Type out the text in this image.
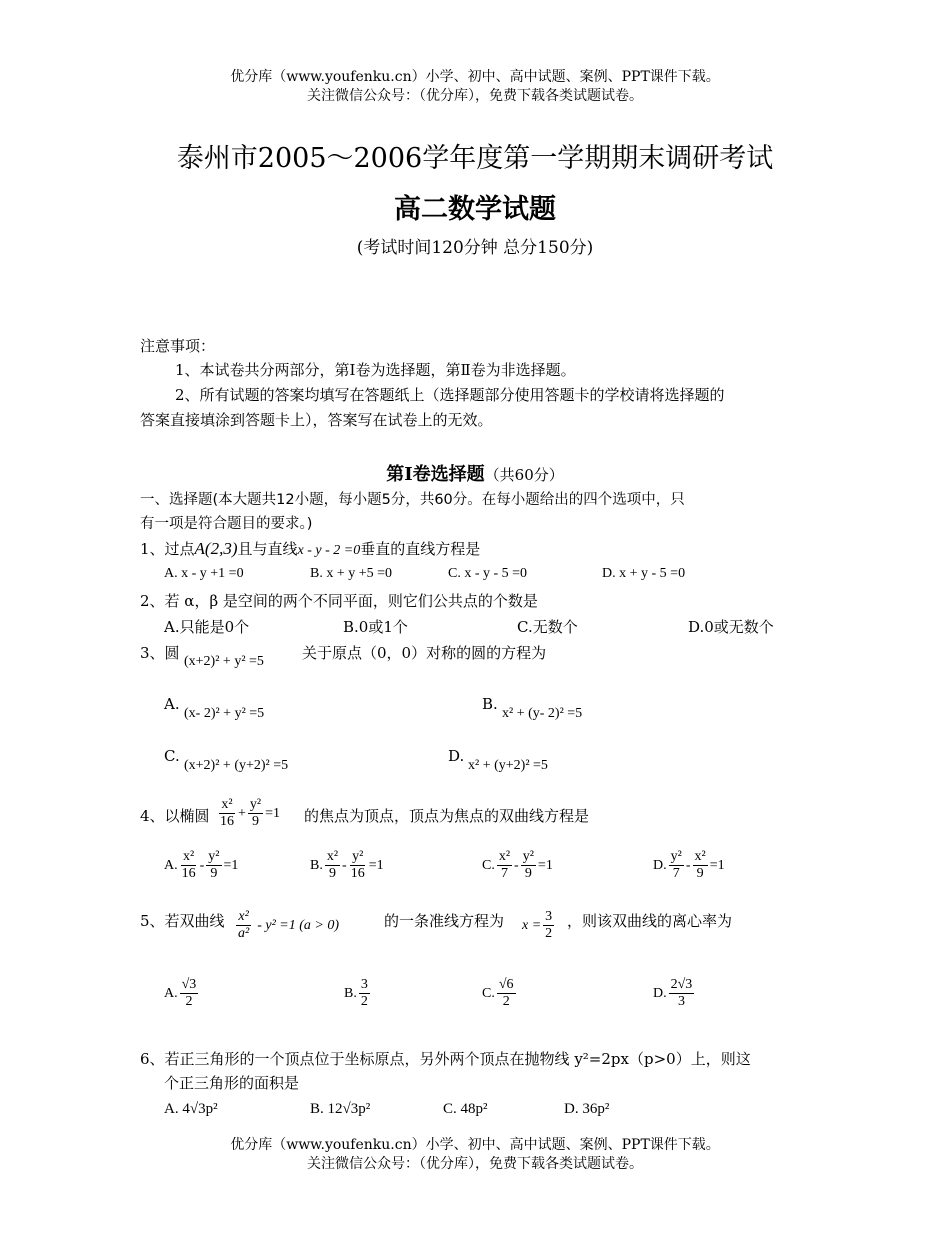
优分库（www.youfenku.cn）小学、初中、高中试题、案例、PPT课件下载。
关注微信公众号：（优分库），免费下载各类试题试卷。
泰州市2005～2006学年度第一学期期末调研考试
高二数学试题
(考试时间120分钟 总分150分)
注意事项：
1、本试卷共分两部分，第Ⅰ卷为选择题，第Ⅱ卷为非选择题。
2、所有试题的答案均填写在答题纸上（选择题部分使用答题卡的学校请将选择题的
答案直接填涂到答题卡上），答案写在试卷上的无效。
第Ⅰ卷选择题（共60分）
一、选择题(本大题共12小题，每小题5分，共60分。在每小题给出的四个选项中，只
有一项是符合题目的要求。)
1、过点A(2,3)且与直线x - y - 2 =0垂直的直线方程是
A. x - y +1 =0	B. x + y +5 =0	C. x - y - 5 =0	D. x + y - 5 =0
2、若 α，β 是空间的两个不同平面，则它们公共点的个数是
A.只能是0个	B.0或1个	C.无数个	D.0或无数个
3、圆 (x+2)² + y² =5	关于原点（0，0）对称的圆的方程为
A.
(x- 2)² + y² =5
B.
x² + (y- 2)² =5
C.
(x+2)² + (y+2)² =5
D.
x² + (y+2)² =5
4、以椭圆 $\frac{\text{x²}}{16} + \frac{\text{y²}}{9} =1$ 的焦点为顶点，顶点为焦点的双曲线方程是
A. $\frac{\text{x²}}{16} - \frac{\text{y²}}{9} =1$	B. $\frac{\text{x²}}{9} - \frac{\text{y²}}{16} =1$	C. $\frac{\text{x²}}{7} - \frac{\text{y²}}{9} =1$	D. $\frac{\text{y²}}{7} - \frac{\text{x²}}{9} =1$
5、若双曲线 $\frac{\text{x²}}{\text{a²}} - y^2 =1$ (a > 0)	的一条准线方程为 $x = \frac{3}{2}$ ，则该双曲线的离心率为
A. $\frac{√3}{2}$	B. $\frac{3}{2}$	C. $\frac{√6}{2}$	D. $\frac{2√3}{3}$
6、若正三角形的一个顶点位于坐标原点，另外两个顶点在抛物线 y²=2px（p>0）上，则这
个正三角形的面积是
A. 4√3p²	B. 12√3p²	C. 48p²	D. 36p²
优分库（www.youfenku.cn）小学、初中、高中试题、案例、PPT课件下载。
关注微信公众号：（优分库），免费下载各类试题试卷。
